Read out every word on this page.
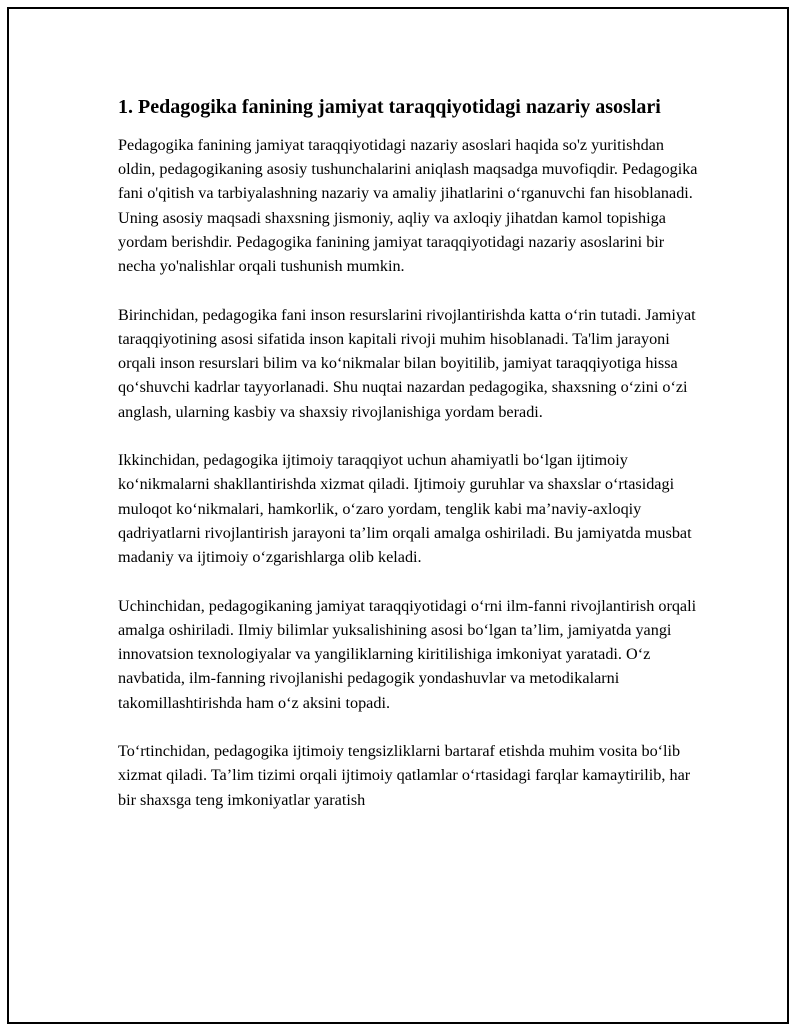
1. Pedagogika fanining jamiyat taraqqiyotidagi nazariy asoslari

Pedagogika fanining jamiyat taraqqiyotidagi nazariy asoslari haqida so'z yuritishdan oldin, pedagogikaning asosiy tushunchalarini aniqlash maqsadga muvofiqdir. Pedagogika fani o'qitish va tarbiyalashning nazariy va amaliy jihatlarini o‘rganuvchi fan hisoblanadi. Uning asosiy maqsadi shaxsning jismoniy, aqliy va axloqiy jihatdan kamol topishiga yordam berishdir. Pedagogika fanining jamiyat taraqqiyotidagi nazariy asoslarini bir necha yo'nalishlar orqali tushunish mumkin.

Birinchidan, pedagogika fani inson resurslarini rivojlantirishda katta o‘rin tutadi. Jamiyat taraqqiyotining asosi sifatida inson kapitali rivoji muhim hisoblanadi. Ta'lim jarayoni orqali inson resurslari bilim va ko‘nikmalar bilan boyitilib, jamiyat taraqqiyotiga hissa qo‘shuvchi kadrlar tayyorlanadi. Shu nuqtai nazardan pedagogika, shaxsning o‘zini o‘zi anglash, ularning kasbiy va shaxsiy rivojlanishiga yordam beradi.

Ikkinchidan, pedagogika ijtimoiy taraqqiyot uchun ahamiyatli bo‘lgan ijtimoiy ko‘nikmalarni shakllantirishda xizmat qiladi. Ijtimoiy guruhlar va shaxslar o‘rtasidagi muloqot ko‘nikmalari, hamkorlik, o‘zaro yordam, tenglik kabi ma’naviy-axloqiy qadriyatlarni rivojlantirish jarayoni ta’lim orqali amalga oshiriladi. Bu jamiyatda musbat madaniy va ijtimoiy o‘zgarishlarga olib keladi.

Uchinchidan, pedagogikaning jamiyat taraqqiyotidagi o‘rni ilm-fanni rivojlantirish orqali amalga oshiriladi. Ilmiy bilimlar yuksalishining asosi bo‘lgan ta’lim, jamiyatda yangi innovatsion texnologiyalar va yangiliklarning kiritilishiga imkoniyat yaratadi. O‘z navbatida, ilm-fanning rivojlanishi pedagogik yondashuvlar va metodikalarni takomillashtirishda ham o‘z aksini topadi.

To‘rtinchidan, pedagogika ijtimoiy tengsizliklarni bartaraf etishda muhim vosita bo‘lib xizmat qiladi. Ta’lim tizimi orqali ijtimoiy qatlamlar o‘rtasidagi farqlar kamaytirilib, har bir shaxsga teng imkoniyatlar yaratish
